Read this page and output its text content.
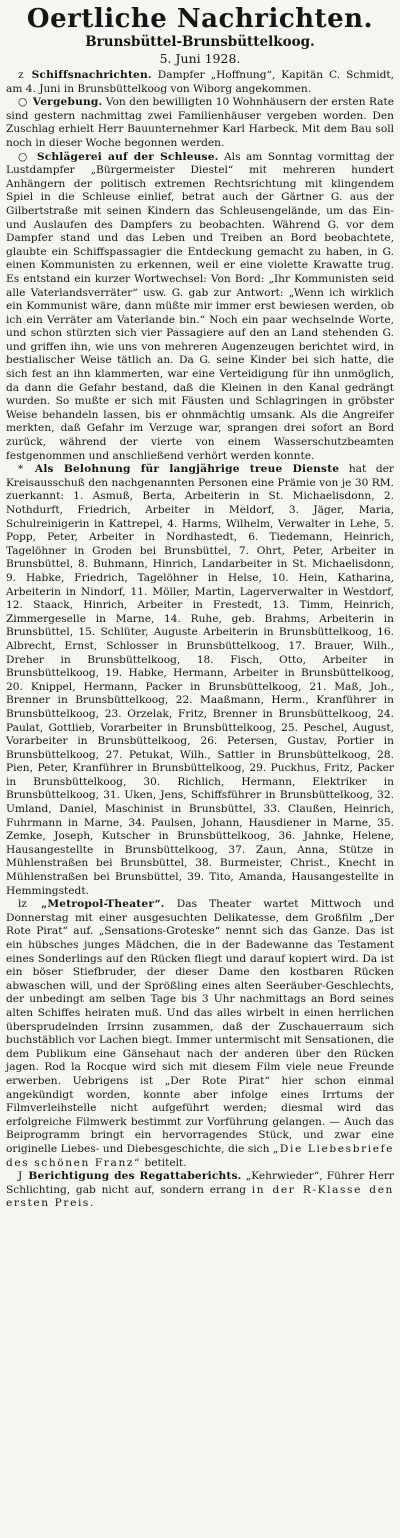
Oertliche Nachrichten.
Brunsbüttel-Brunsbüttelkoog.
5. Juni 1928.

z Schiffsnachrichten. Dampfer „Hoffnung“, Kapitän C. Schmidt, am 4. Juni in Brunsbüttelkoog von Wiborg angekommen.

○ Vergebung. Von den bewilligten 10 Wohnhäusern der ersten Rate sind gestern nachmittag zwei Familienhäuser vergeben worden. Den Zuschlag erhielt Herr Bauunternehmer Karl Harbeck. Mit dem Bau soll noch in dieser Woche begonnen werden.

○ Schlägerei auf der Schleuse. Als am Sonntag vormittag der Lustdampfer „Bürgermeister Diestel“ mit mehreren hundert Anhängern der politisch extremen Rechtsrichtung mit klingendem Spiel in die Schleuse einlief, betrat auch der Gärtner G. aus der Gilbertstraße mit seinen Kindern das Schleusengelände, um das Ein- und Auslaufen des Dampfers zu beobachten. Während G. vor dem Dampfer stand und das Leben und Treiben an Bord beobachtete, glaubte ein Schiffspassagier die Entdeckung gemacht zu haben, in G. einen Kommunisten zu erkennen, weil er eine violette Krawatte trug. Es entstand ein kurzer Wortwechsel: Von Bord: „Ihr Kommunisten seid alle Vaterlandsverräter“ usw. G. gab zur Antwort: „Wenn ich wirklich ein Kommunist wäre, dann müßte mir immer erst bewiesen werden, ob ich ein Verräter am Vaterlande bin.“ Noch ein paar wechselnde Worte, und schon stürzten sich vier Passagiere auf den an Land stehenden G. und griffen ihn, wie uns von mehreren Augenzeugen berichtet wird, in bestialischer Weise tätlich an. Da G. seine Kinder bei sich hatte, die sich fest an ihn klammerten, war eine Verteidigung für ihn unmöglich, da dann die Gefahr bestand, daß die Kleinen in den Kanal gedrängt wurden. So mußte er sich mit Fäusten und Schlagringen in gröbster Weise behandeln lassen, bis er ohnmächtig umsank. Als die Angreifer merkten, daß Gefahr im Verzuge war, sprangen drei sofort an Bord zurück, während der vierte von einem Wasserschutzbeamten festgenommen und anschließend verhört werden konnte.

* Als Belohnung für langjährige treue Dienste hat der Kreisausschuß den nachgenannten Personen eine Prämie von je 30 RM. zuerkannt: 1. Asmuß, Berta, Arbeiterin in St. Michaelisdonn, 2. Nothdurft, Friedrich, Arbeiter in Meldorf, 3. Jäger, Maria, Schulreinigerin in Kattrepel, 4. Harms, Wilhelm, Verwalter in Lehe, 5. Popp, Peter, Arbeiter in Nordhastedt, 6. Tiedemann, Heinrich, Tagelöhner in Groden bei Brunsbüttel, 7. Ohrt, Peter, Arbeiter in Brunsbüttel, 8. Buhmann, Hinrich, Landarbeiter in St. Michaelisdonn, 9. Habke, Friedrich, Tagelöhner in Helse, 10. Hein, Katharina, Arbeiterin in Nindorf, 11. Möller, Martin, Lagerverwalter in Westdorf, 12. Staack, Hinrich, Arbeiter in Frestedt, 13. Timm, Heinrich, Zimmergeselle in Marne, 14. Ruhe, geb. Brahms, Arbeiterin in Brunsbüttel, 15. Schlüter, Auguste Arbeiterin in Brunsbüttelkoog, 16. Albrecht, Ernst, Schlosser in Brunsbüttelkoog, 17. Brauer, Wilh., Dreher in Brunsbüttelkoog, 18. Fisch, Otto, Arbeiter in Brunsbüttelkoog, 19. Habke, Hermann, Arbeiter in Brunsbüttelkoog, 20. Knippel, Hermann, Packer in Brunsbüttelkoog, 21. Maß, Joh., Brenner in Brunsbüttelkoog, 22. Maaßmann, Herm., Kranführer in Brunsbüttelkoog, 23. Orzelak, Fritz, Brenner in Brunsbüttelkoog, 24. Paulat, Gottlieb, Vorarbeiter in Brunsbüttelkoog, 25. Peschel, August, Vorarbeiter in Brunsbüttelkoog, 26. Petersen, Gustav, Portier in Brunsbüttelkoog, 27. Petukat, Wilh., Sattler in Brunsbüttelkoog, 28. Pien, Peter, Kranführer in Brunsbüttelkoog, 29. Puckhus, Fritz, Packer in Brunsbüttelkoog, 30. Richlich, Hermann, Elektriker in Brunsbüttelkoog, 31. Uken, Jens, Schiffsführer in Brunsbüttelkoog, 32. Umland, Daniel, Maschinist in Brunsbüttel, 33. Claußen, Heinrich, Fuhrmann in Marne, 34. Paulsen, Johann, Hausdiener in Marne, 35. Zemke, Joseph, Kutscher in Brunsbüttelkoog, 36. Jahnke, Helene, Hausangestellte in Brunsbüttelkoog, 37. Zaun, Anna, Stütze in Mühlenstraßen bei Brunsbüttel, 38. Burmeister, Christ., Knecht in Mühlenstraßen bei Brunsbüttel, 39. Tito, Amanda, Hausangestellte in Hemmingstedt.

lz „Metropol-Theater“. Das Theater wartet Mittwoch und Donnerstag mit einer ausgesuchten Delikatesse, dem Großfilm „Der Rote Pirat“ auf. „Sensations-Groteske“ nennt sich das Ganze. Das ist ein hübsches junges Mädchen, die in der Badewanne das Testament eines Sonderlings auf den Rücken fliegt und darauf kopiert wird. Da ist ein böser Stiefbruder, der dieser Dame den kostbaren Rücken abwaschen will, und der Sprößling eines alten Seeräuber-Geschlechts, der unbedingt am selben Tage bis 3 Uhr nachmittags an Bord seines alten Schiffes heiraten muß. Und das alles wirbelt in einen herrlichen übersprudelnden Irrsinn zusammen, daß der Zuschauerraum sich buchstäblich vor Lachen biegt. Immer untermischt mit Sensationen, die dem Publikum eine Gänsehaut nach der anderen über den Rücken jagen. Rod la Rocque wird sich mit diesem Film viele neue Freunde erwerben. Uebrigens ist „Der Rote Pirat“ hier schon einmal angekündigt worden, konnte aber infolge eines Irrtums der Filmverleihstelle nicht aufgeführt werden; diesmal wird das erfolgreiche Filmwerk bestimmt zur Vorführung gelangen. — Auch das Beiprogramm bringt ein hervorragendes Stück, und zwar eine originelle Liebes- und Diebesgeschichte, die sich „Die Liebesbriefe des schönen Franz“ betitelt.

J Berichtigung des Regattaberichts. „Kehrwieder“, Führer Herr Schlichting, gab nicht auf, sondern errang in der R-Klasse den ersten Preis.
